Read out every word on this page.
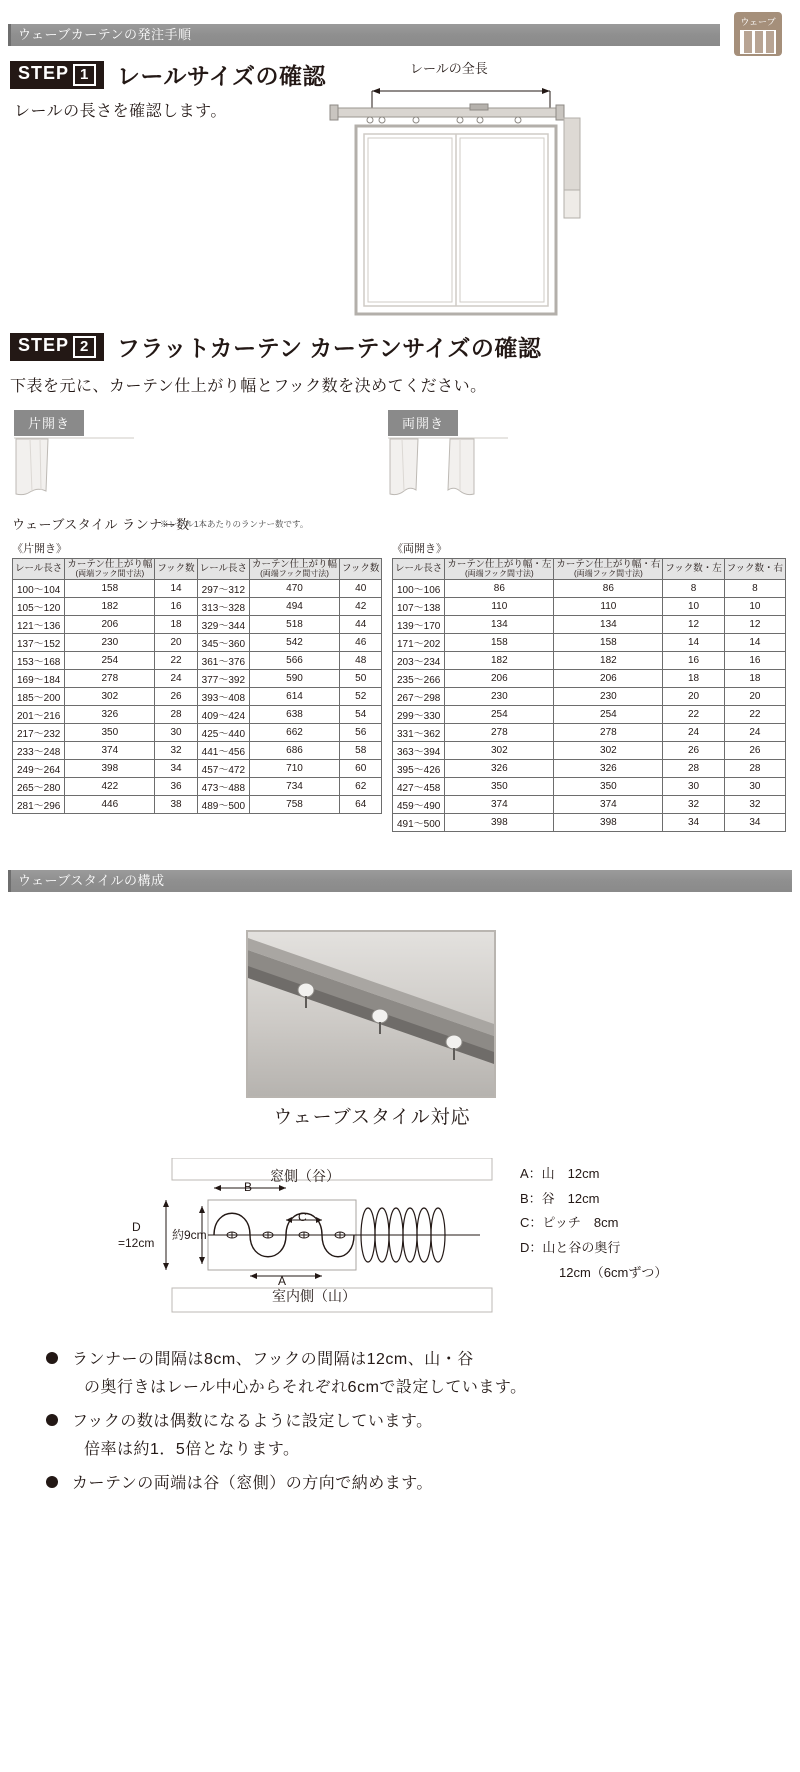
ウェーブカーテンの発注手順
ウェーブ
STEP 1 レールサイズの確認
レールの長さを確認します。
レールの全長
STEP 2 フラットカーテン カーテンサイズの確認
下表を元に、カーテン仕上がり幅とフック数を決めてください。
片開き	両開き
ウェーブスタイル ランナー数
※レール1本あたりのランナー数です。
《片開き》	《両開き》
レール長さ	カーテン仕上がり幅
(両端フック間寸法)	フック数	レール長さ	カーテン仕上がり幅
(両端フック間寸法)	フック数
100〜104	158	14	297〜312	470	40
105〜120	182	16	313〜328	494	42
121〜136	206	18	329〜344	518	44
137〜152	230	20	345〜360	542	46
153〜168	254	22	361〜376	566	48
169〜184	278	24	377〜392	590	50
185〜200	302	26	393〜408	614	52
201〜216	326	28	409〜424	638	54
217〜232	350	30	425〜440	662	56
233〜248	374	32	441〜456	686	58
249〜264	398	34	457〜472	710	60
265〜280	422	36	473〜488	734	62
281〜296	446	38	489〜500	758	64
レール長さ	カーテン仕上がり幅・左
(両端フック間寸法)

カーテン仕上がり幅・右
(両端フック間寸法)	フック数・左	フック数・右
100〜106	86	86	8	8
107〜138	110	110	10	10
139〜170	134	134	12	12
171〜202	158	158	14	14
203〜234	182	182	16	16
235〜266	206	206	18	18
267〜298	230	230	20	20
299〜330	254	254	22	22
331〜362	278	278	24	24
363〜394	302	302	26	26
395〜426	326	326	28	28
427〜458	350	350	30	30
459〜490	374	374	32	32
491〜500	398	398	34	34
ウェーブスタイルの構成
ウェーブスタイル対応
窓側（谷）
室内側（山）
B
C
A
D
=12cm
約9cm
A：山　12cm
B：谷　12cm
C：ピッチ　8cm
D：山と谷の奥行
　　　12cm（6cmずつ）
ランナーの間隔は8cm、フックの間隔は12cm、山・谷
の奥行きはレール中心からそれぞれ6cmで設定しています。
フックの数は偶数になるように設定しています。
倍率は約1．5倍となります。
カーテンの両端は谷（窓側）の方向で納めます。
